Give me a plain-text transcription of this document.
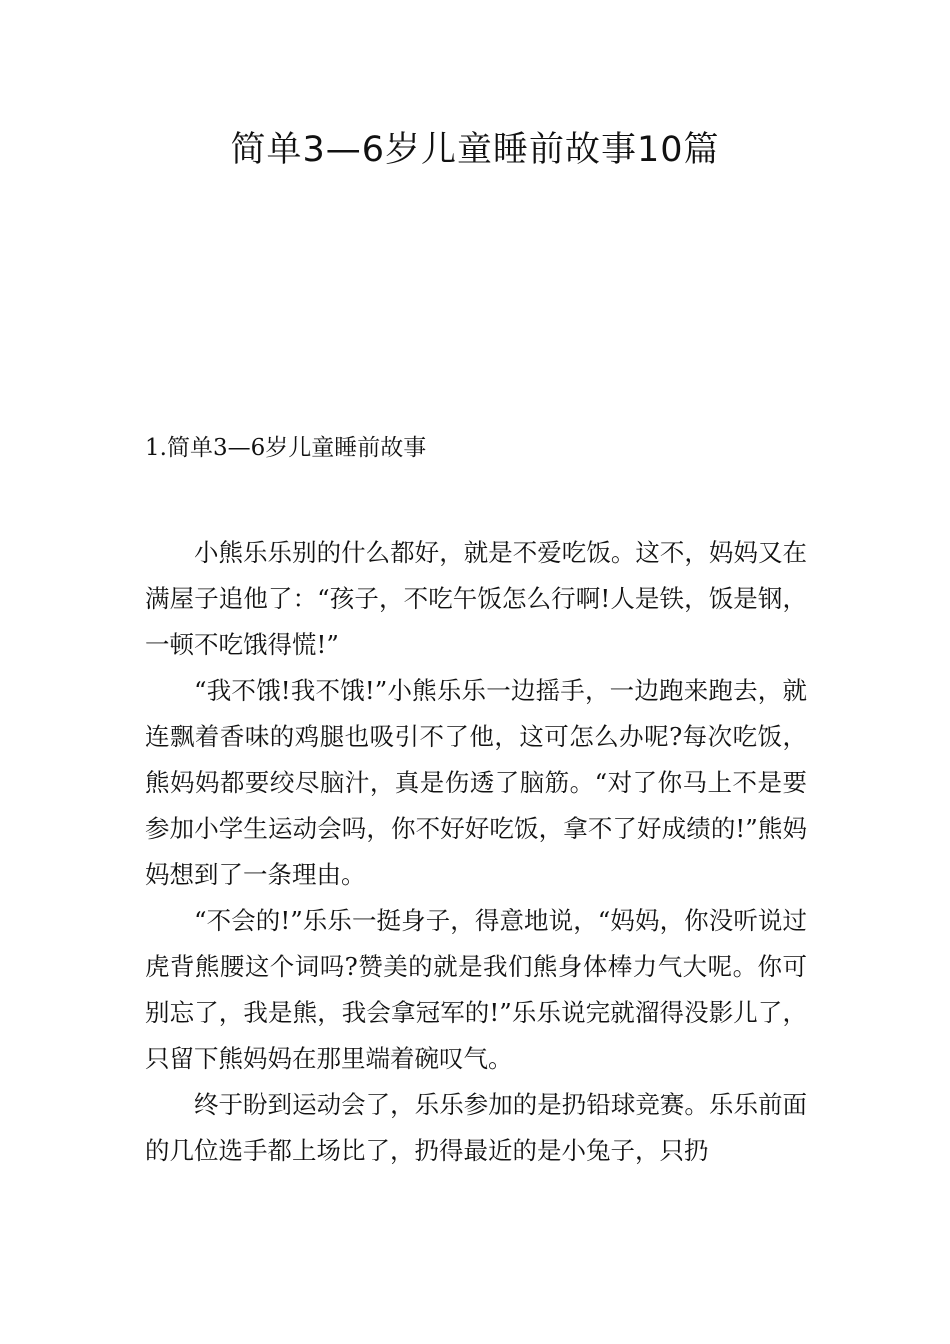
简单3—6岁儿童睡前故事10篇
1.简单3—6岁儿童睡前故事

小熊乐乐别的什么都好，就是不爱吃饭。这不，妈妈又在满屋子追他了：“孩子，不吃午饭怎么行啊!人是铁，饭是钢，一顿不吃饿得慌!”

“我不饿!我不饿!”小熊乐乐一边摇手，一边跑来跑去，就连飘着香味的鸡腿也吸引不了他，这可怎么办呢?每次吃饭，熊妈妈都要绞尽脑汁，真是伤透了脑筋。“对了你马上不是要参加小学生运动会吗，你不好好吃饭，拿不了好成绩的!”熊妈妈想到了一条理由。

“不会的!”乐乐一挺身子，得意地说，“妈妈，你没听说过虎背熊腰这个词吗?赞美的就是我们熊身体棒力气大呢。你可别忘了，我是熊，我会拿冠军的!”乐乐说完就溜得没影儿了，只留下熊妈妈在那里端着碗叹气。

终于盼到运动会了，乐乐参加的是扔铅球竞赛。乐乐前面的几位选手都上场比了，扔得最近的是小兔子，只扔
